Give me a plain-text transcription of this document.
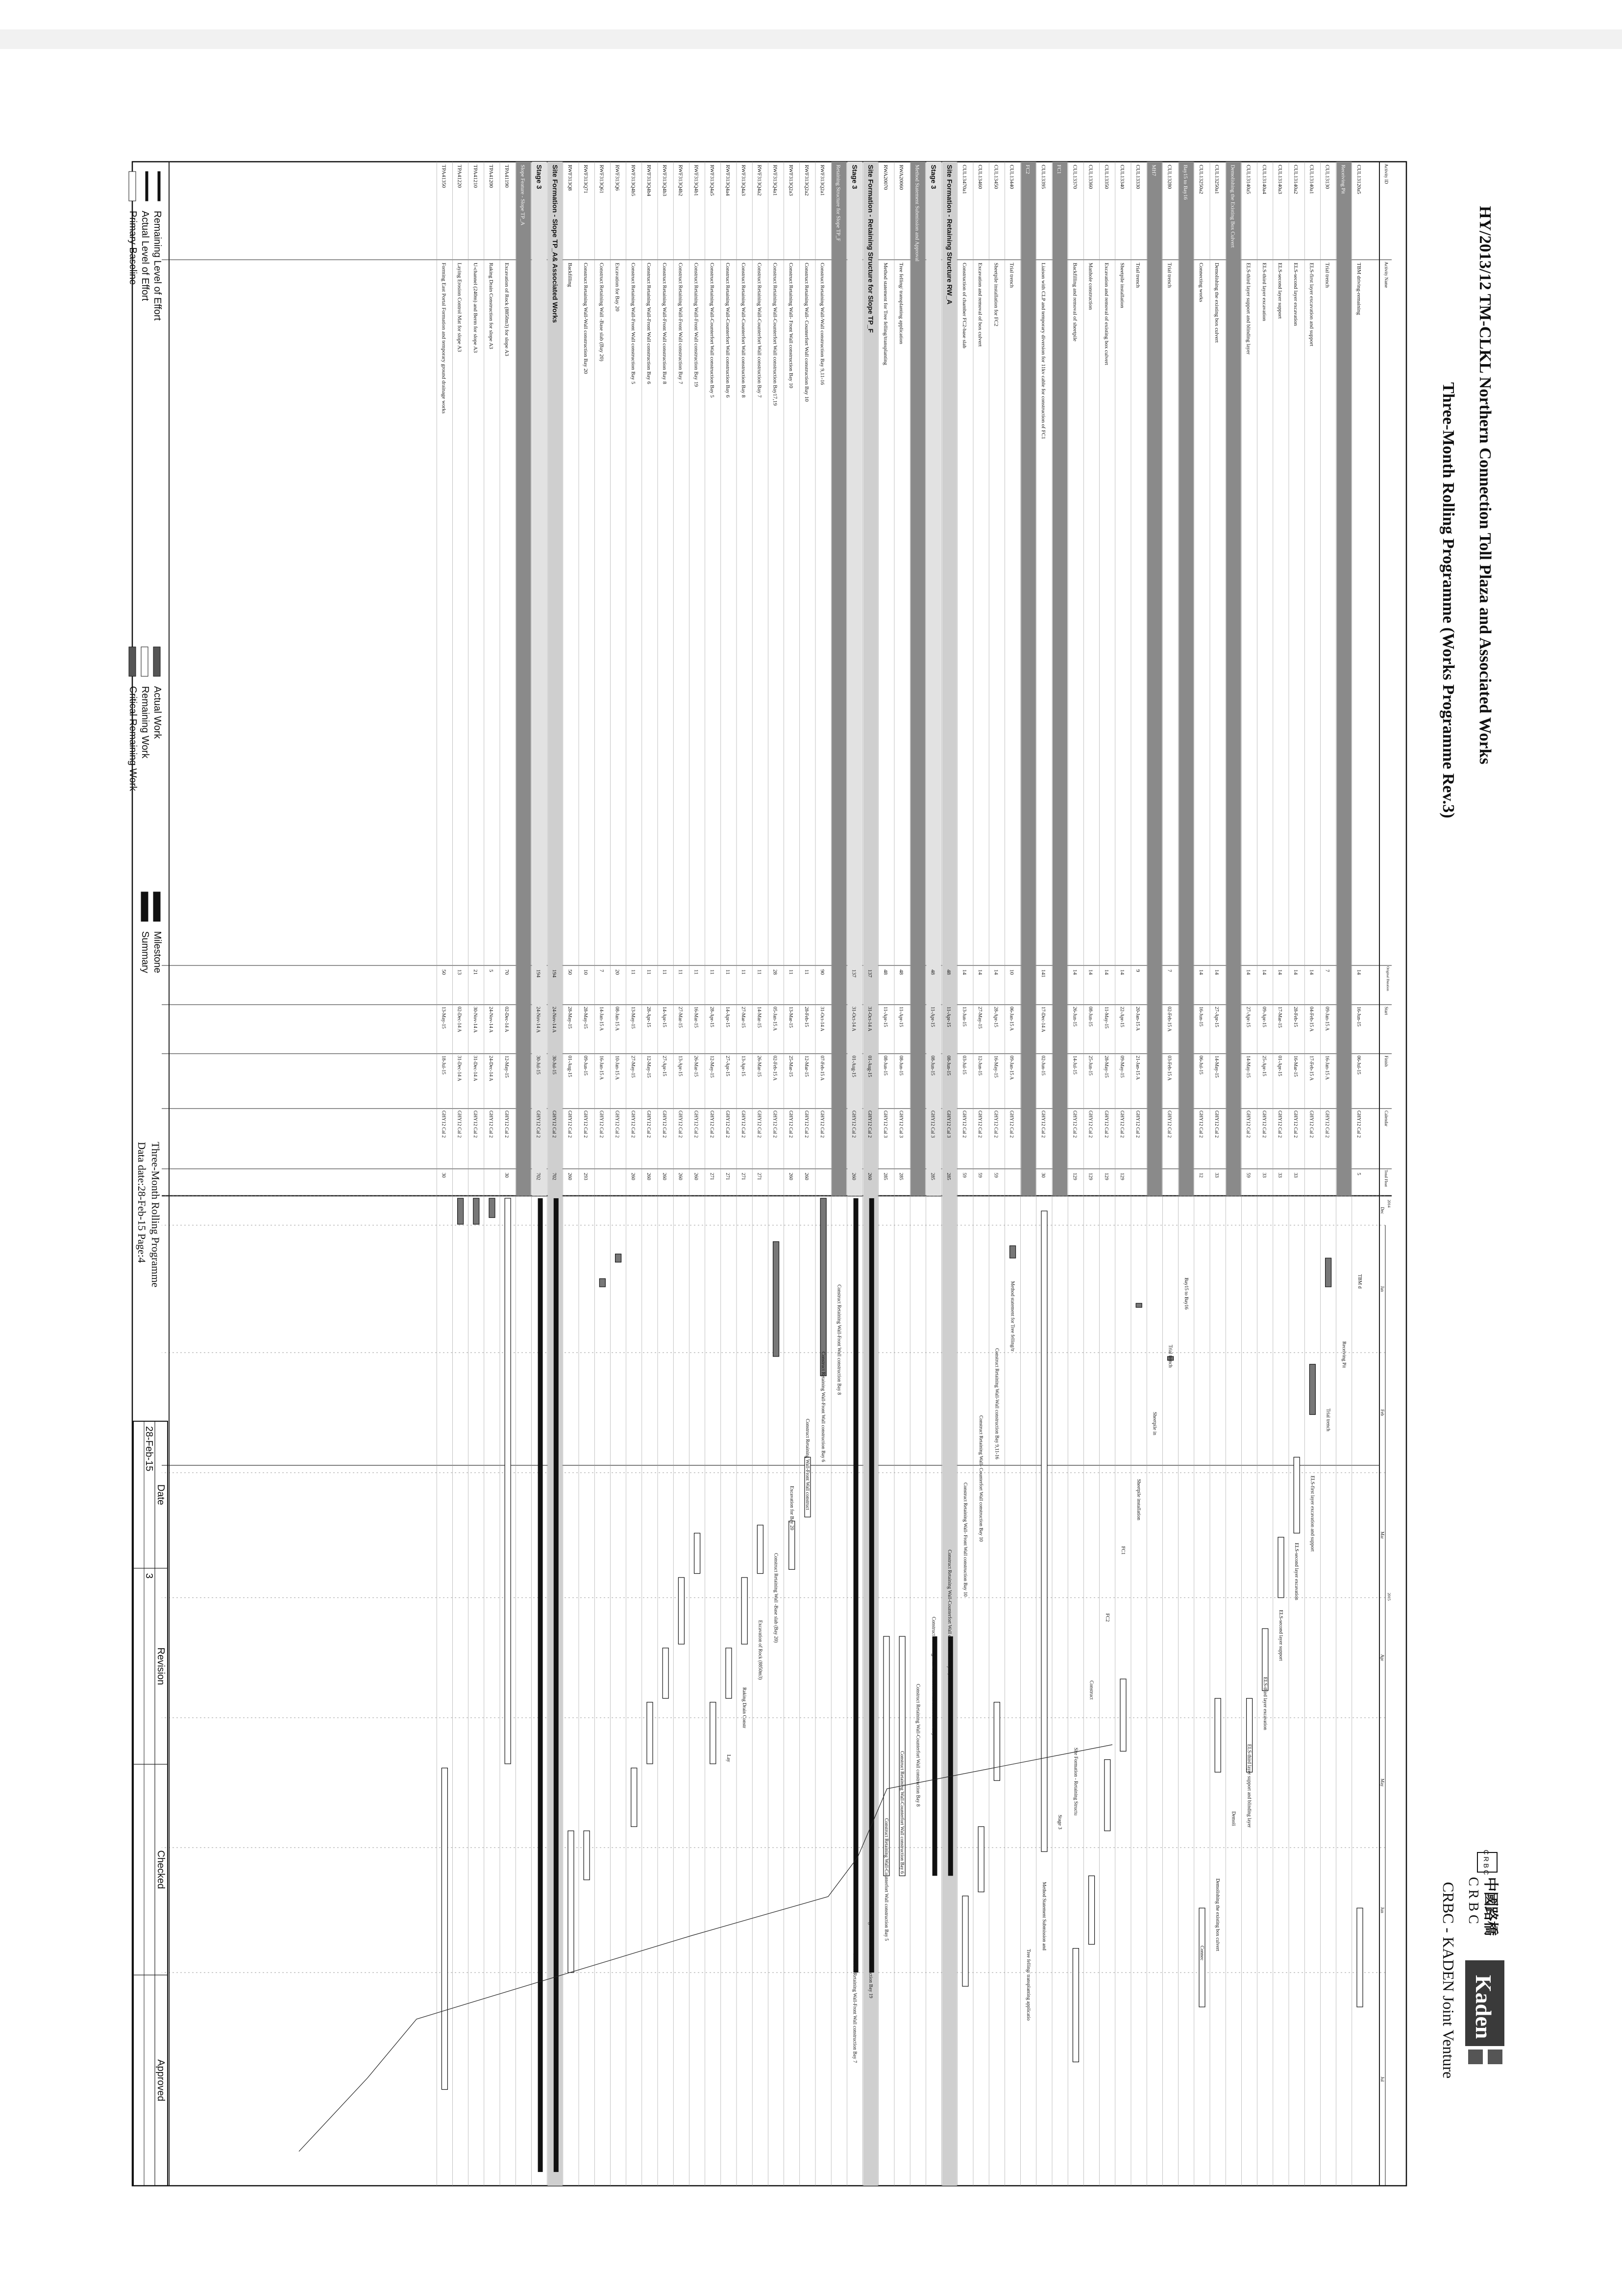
HY/2013/12 TM-CLKL Northern Connection Toll Plaza and Associated Works
Three-Month Rolling Programme (Works Programme Rev.3)
C R B C
中國路橋
C R B C
Kaden
CRBC - KADEN Joint Venture
Activity ID
Activity Name
Original Duration
Start
Finish
Calendar
Total Float
2014
2015
Dec
Jan
Feb
Mar
Apr
May
Jun
Jul
CUL13120a5
TBM driving-remaining
14
16-Jun-15
06-Jul-15
GHY12 Cal 2
5
Receiving Pit
CUL13130
Trial trench
7
09-Jan-15 A
16-Jan-15 A
GHY12 Cal 2
CUL13140a1
ELS-first layer excavation and support
14
04-Feb-15 A
17-Feb-15 A
GHY12 Cal 2
CUL13140a2
ELS-second layer excavation
14
28-Feb-15
16-Mar-15
GHY12 Cal 2
33
CUL13140a3
ELS-second layer support
14
17-Mar-15
01-Apr-15
GHY12 Cal 2
33
CUL13140a4
ELS-third layer excavation
14
09-Apr-15
25-Apr-15
GHY12 Cal 2
33
CUL13140a5
ELS-third layer support and blinding layer
14
27-Apr-15
14-May-15
GHY12 Cal 2
59
Demolishing the Existing Box Culvert
CUL13250a1
Demolishing the existing box culvert
14
27-Apr-15
14-May-15
GHY12 Cal 2
33
CUL13250a2
Connecting works
14
16-Jun-15
06-Jul-15
GHY12 Cal 2
12
Bay15 to Bay16
CUL13280
Trial trench
7
02-Feb-15 A
03-Feb-15 A
GHY12 Cal 2
MH7
CUL13330
Trial trench
9
20-Jan-15 A
21-Jan-15 A
GHY12 Cal 2
CUL13340
Sheetpile installation
14
22-Apr-15
09-May-15
GHY12 Cal 2
129
CUL13350
Excavation and removal of existing box culvert
14
11-May-15
28-May-15
GHY12 Cal 2
129
CUL13360
Manhole construction
14
08-Jun-15
25-Jun-15
GHY12 Cal 2
129
CUL13370
Backfilling and removal of sheetpile
14
26-Jun-15
14-Jul-15
GHY12 Cal 2
129
FC1
CUL13395
Liaison with CLP and temporary diversion for 11kv cable for construction of FC1
141
17-Dec-14 A
02-Jun-15
GHY12 Cal 2
30
FC2
CUL13440
Trial trench
10
06-Jan-15 A
09-Jan-15 A
GHY12 Cal 2
CUL13450
Sheetpile installation for FC2
14
28-Apr-15
16-May-15
GHY12 Cal 2
59
CUL13460
Excavation and removal of box culvert
14
27-May-15
12-Jun-15
GHY12 Cal 2
59
CUL13470a1
Construction of chamber FC2-base slab
14
13-Jun-15
03-Jul-15
GHY12 Cal 2
59
Site Formation - Retaining Structure RW_A
48
11-Apr-15
08-Jun-15
GHY12 Cal 3
285
Stage 3
48
11-Apr-15
08-Jun-15
GHY12 Cal 3
285
Method Statement Submission and Approval
RWA20060
Tree felling/ transplanting application
48
11-Apr-15
08-Jun-15
GHY12 Cal 3
285
RWA20070
Method statement for Tree felling/transplanting
48
11-Apr-15
08-Jun-15
GHY12 Cal 3
285
Site Formation - Retaining Structure for Slope TP_F
137
31-Oct-14 A
01-Aug-15
GHY12 Cal 2
260
Stage 3
137
31-Oct-14 A
01-Aug-15
GHY12 Cal 2
260
Retaining Structure for Slope TP_F
RWF313Q2a1
Construct Retaining Wall-Wall construction Bay 9,11-16
90
31-Oct-14 A
07-Feb-15 A
GHY12 Cal 2
RWF313Q2a2
Construct Retaining Wall- Counterfort Wall construction Bay 10
11
28-Feb-15
12-Mar-15
GHY12 Cal 2
260
RWF313Q2a3
Construct Retaining Wall- Front Wall construction Bay 10
11
13-Mar-15
25-Mar-15
GHY12 Cal 2
260
RWF313Q4a1
Construct Retaining Wall-Counterfort Wall construction Bay17,19
28
05-Jan-15 A
02-Feb-15 A
GHY12 Cal 2
RWF313Q4a2
Construct Retaining Wall-Counterfort Wall construction Bay 7
11
14-Mar-15
26-Mar-15
GHY12 Cal 2
271
RWF313Q4a3
Construct Retaining Wall-Counterfort Wall construction Bay 8
11
27-Mar-15
13-Apr-15
GHY12 Cal 2
271
RWF313Q4a4
Construct Retaining Wall-Counterfort Wall construction Bay 6
11
14-Apr-15
27-Apr-15
GHY12 Cal 2
271
RWF313Q4a5
Construct Retaining Wall-Counterfort Wall construction Bay 5
11
28-Apr-15
12-May-15
GHY12 Cal 2
271
RWF313Q4b1
Construct Retaining Wall-Front Wall construction Bay 19
11
16-Mar-15
26-Mar-15
GHY12 Cal 2
260
RWF313Q4b2
Construct Retaining Wall-Front Wall construction Bay 7
11
27-Mar-15
13-Apr-15
GHY12 Cal 2
260
RWF313Q4b3
Construct Retaining Wall-Front Wall construction Bay 8
11
14-Apr-15
27-Apr-15
GHY12 Cal 2
260
RWF313Q4b4
Construct Retaining Wall-Front Wall construction Bay 6
11
28-Apr-15
12-May-15
GHY12 Cal 2
260
RWF313Q4b5
Construct Retaining Wall-Front Wall construction Bay 5
11
13-May-15
27-May-15
GHY12 Cal 2
260
RWF313Q6
Excavation for Bay 20
20
08-Jan-15 A
10-Jan-15 A
GHY12 Cal 2
RWF313Q61
Construct Retaining Wall -Base slab (Bay 20)
7
14-Jan-15 A
16-Jan-15 A
GHY12 Cal 2
RWF313Q71
Construct Retaining Wall-Wall construction Bay 20
10
28-May-15
09-Jun-15
GHY12 Cal 2
293
RWF313Q8
Backfilling
50
28-May-15
01-Aug-15
GHY12 Cal 2
260
Site Formation - Slope TP_A& Associated Works
194
24-Nov-14 A
30-Jul-15
GHY12 Cal 2
702
Stage 3
194
24-Nov-14 A
30-Jul-15
GHY12 Cal 2
702
Slope Feature - Slope TP_A
TPA41190
Excavation of Rock (8850m3) for slope A3
70
02-Dec-14 A
12-May-15
GHY12 Cal 2
30
TPA41200
Raking Drain Construction for slope A3
5
24-Nov-14 A
24-Dec-14 A
GHY12 Cal 2
TPA41210
U-channel (240m) and Berm for slope A3
21
30-Nov-14 A
31-Dec-14 A
GHY12 Cal 2
TPA41220
Laying Erosion Control Mat for slope A3
13
02-Dec-14 A
31-Dec-14 A
GHY12 Cal 2
TPA41350
Forming East Portal Formation and temporary ground drainage works
50
13-May-15
18-Jul-15
GHY12 Cal 2
30
TBM d
Receiving Pit
Trial trench
ELS-first layer excavation and support
ELS-second layer excavation
ELS-second layer support
ELS-third layer excavation
ELS-third layer support and blinding layer
Demoli
Demolishing the existing box culvert
Connec
Bay15 to Bay16
Trial trench
Sheetpile in
Sheetpile installation
FC1
FC2
Construct
Site Formation - Retaining Structu
Stage 3
Method Statement Submission and
Tree felling/ transplanting applicatio
Method statement for Tree felling/tr
Construct Retaining Wall-Wall construction Bay 9,11-16
Construct Retaining Wall- Counterfort Wall construction Bay 10
Construct Retaining Wall- Front Wall construction Bay 10
Construct Retaining Wall-Counterfort Wall construction Bay17,19
Construct Retaining Wall-Counterfort Wall construction Bay 7
Construct Retaining Wall-Counterfort Wall construction Bay 8
Construct Retaining Wall-Counterfort Wall construction Bay 6
Construct Retaining Wall-Counterfort Wall construction Bay 5
Construct Retaining Wall-Front Wall construction Bay 19
Construct Retaining Wall-Front Wall construction Bay 7
Construct Retaining Wall-Front Wall construction Bay 8
Construct Retaining Wall-Front Wall construction Bay 6
Construct Retaining Wall-Front Wall construct
Excavation for Bay 20
Construct Retaining Wall -Base slab (Bay 20)
Excavation of Rock (8850m3)
Raking Drain Constr
Lay
Three-Month Rolling Programme
Data date:28-Feb-15 Page:4
Remaining Level of Effort
Actual Level of Effort
Primary Baseline
Actual Work
Remaining Work
Critical Remaining Work
Milestone
Summary
Date
Revision
Checked
Approved
28-Feb-15
3
